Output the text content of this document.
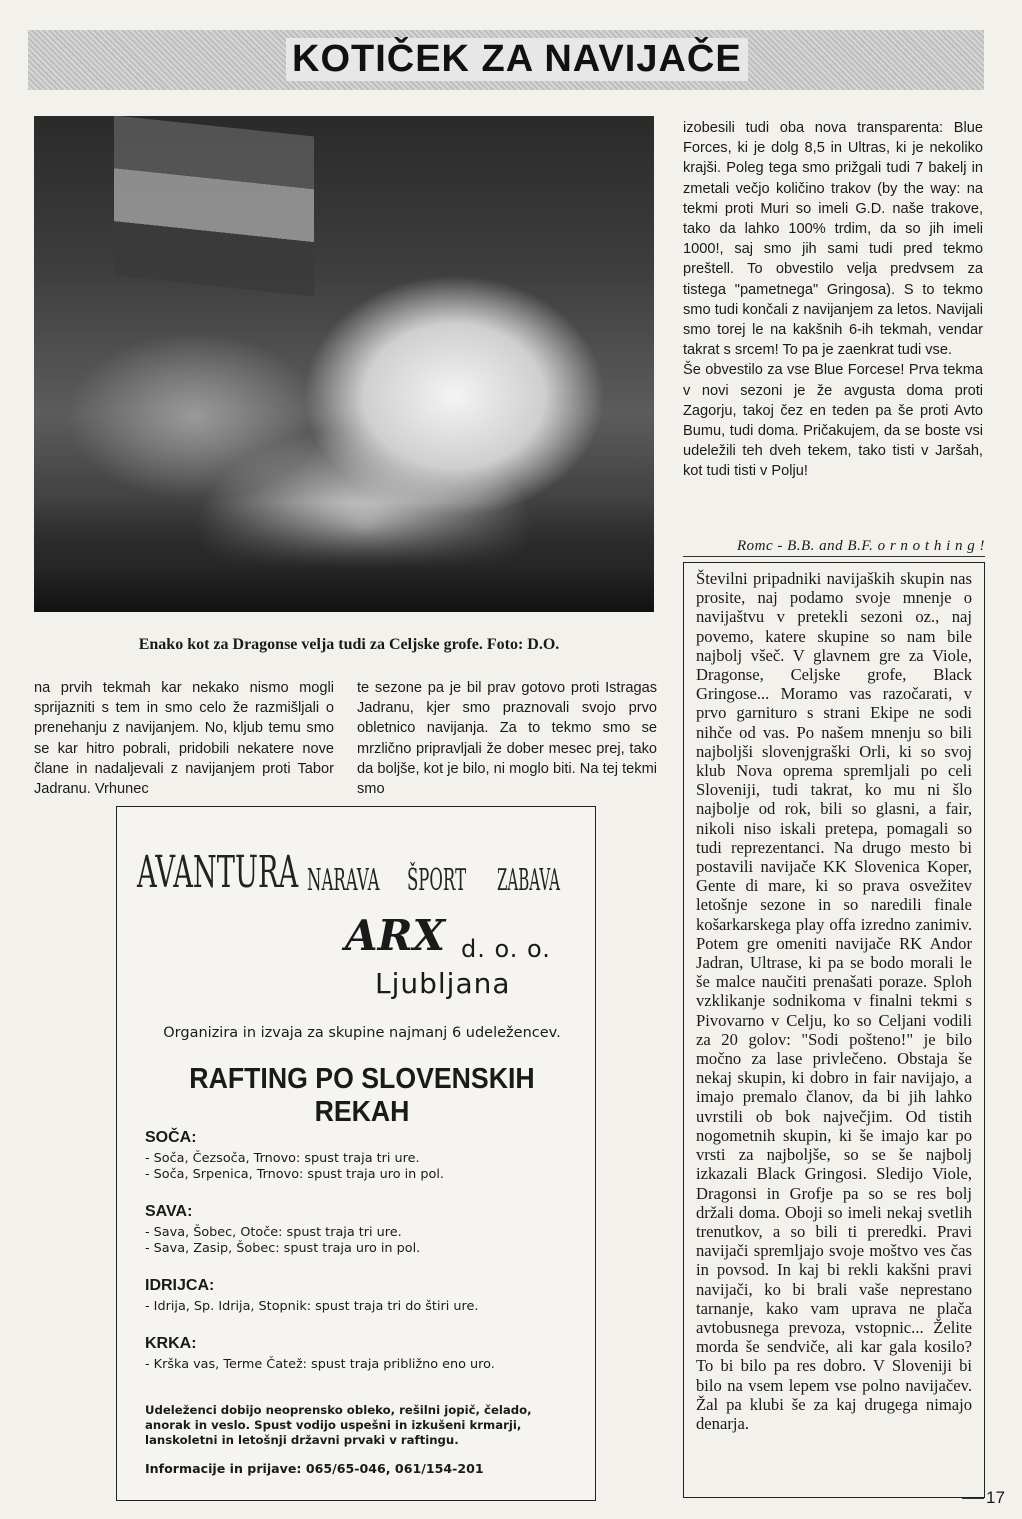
KOTIČEK ZA NAVIJAČE
Enako kot za Dragonse velja tudi za Celjske grofe. Foto: D.O.

izobesili tudi oba nova transparenta: Blue Forces, ki je dolg 8,5 in Ultras, ki je nekoliko krajši. Poleg tega smo prižgali tudi 7 bakelj in zmetali večjo količino trakov (by the way: na tekmi proti Muri so imeli G.D. naše trakove, tako da lahko 100% trdim, da so jih imeli 1000!, saj smo jih sami tudi pred tekmo preštell. To obvestilo velja predvsem za tistega "pametnega" Gringosa). S to tekmo smo tudi končali z navijanjem za letos. Navijali smo torej le na kakšnih 6-ih tekmah, vendar takrat s srcem! To pa je zaenkrat tudi vse.

Še obvestilo za vse Blue Forcese! Prva tekma v novi sezoni je že avgusta doma proti Zagorju, takoj čez en teden pa še proti Avto Bumu, tudi doma. Pričakujem, da se boste vsi udeležili teh dveh tekem, tako tisti v Jaršah, kot tudi tisti v Polju!

Romc - B.B. and B.F. o r n o t h i n g !

Številni pripadniki navijaških skupin nas prosite, naj podamo svoje mnenje o navijaštvu v pretekli sezoni oz., naj povemo, katere skupine so nam bile najbolj všeč. V glavnem gre za Viole, Dragonse, Celjske grofe, Black Gringose... Moramo vas razočarati, v prvo garnituro s strani Ekipe ne sodi nihče od vas. Po našem mnenju so bili najboljši slovenjgraški Orli, ki so svoj klub Nova oprema spremljali po celi Sloveniji, tudi takrat, ko mu ni šlo najbolje od rok, bili so glasni, a fair, nikoli niso iskali pretepa, pomagali so tudi reprezentanci. Na drugo mesto bi postavili navijače KK Slovenica Koper, Gente di mare, ki so prava osvežitev letošnje sezone in so naredili finale košarkarskega play offa izredno zanimiv. Potem gre omeniti navijače RK Andor Jadran, Ultrase, ki pa se bodo morali le še malce naučiti prenašati poraze. Sploh vzklikanje sodnikoma v finalni tekmi s Pivovarno v Celju, ko so Celjani vodili za 20 golov: "Sodi pošteno!" je bilo močno za lase privlečeno. Obstaja še nekaj skupin, ki dobro in fair navijajo, a imajo premalo članov, da bi jih lahko uvrstili ob bok največjim. Od tistih nogometnih skupin, ki še imajo kar po vrsti za najboljše, so se še najbolj izkazali Black Gringosi. Sledijo Viole, Dragonsi in Grofje pa so se res bolj držali doma. Oboji so imeli nekaj svetlih trenutkov, a so bili ti preredki. Pravi navijači spremljajo svoje moštvo ves čas in povsod. In kaj bi rekli kakšni pravi navijači, ko bi brali vaše neprestano tarnanje, kako vam uprava ne plača avtobusnega prevoza, vstopnic... Želite morda še sendviče, ali kar gala kosilo? To bi bilo pa res dobro. V Sloveniji bi bilo na vsem lepem vse polno navijačev. Žal pa klubi še za kaj drugega nimajo denarja.

na prvih tekmah kar nekako nismo mogli sprijazniti s tem in smo celo že razmišljali o prenehanju z navijanjem. No, kljub temu smo se kar hitro pobrali, pridobili nekatere nove člane in nadaljevali z navijanjem proti Tabor Jadranu. Vrhunec

te sezone pa je bil prav gotovo proti Istragas Jadranu, kjer smo praznovali svojo prvo obletnico navijanja. Za to tekmo smo se mrzlično pripravljali že dober mesec prej, tako da boljše, kot je bilo, ni moglo biti. Na tej tekmi smo

AVANTURA NARAVA ŠPORT ZABAVA
ARX d. o. o.
Ljubljana
Organizira in izvaja za skupine najmanj 6 udeležencev.
RAFTING PO SLOVENSKIH REKAH
SOČA:
- Soča, Čezsoča, Trnovo: spust traja tri ure.
- Soča, Srpenica, Trnovo: spust traja uro in pol.
SAVA:
- Sava, Šobec, Otoče: spust traja tri ure.
- Sava, Zasip, Šobec: spust traja uro in pol.
IDRIJCA:
- Idrija, Sp. Idrija, Stopnik: spust traja tri do štiri ure.
KRKA:
- Krška vas, Terme Čatež: spust traja približno eno uro.
Udeleženci dobijo neoprensko obleko, rešilni jopič, čelado, anorak in veslo. Spust vodijo uspešni in izkušeni krmarji, lanskoletni in letošnji državni prvaki v raftingu.
Informacije in prijave: 065/65-046, 061/154-201
17
